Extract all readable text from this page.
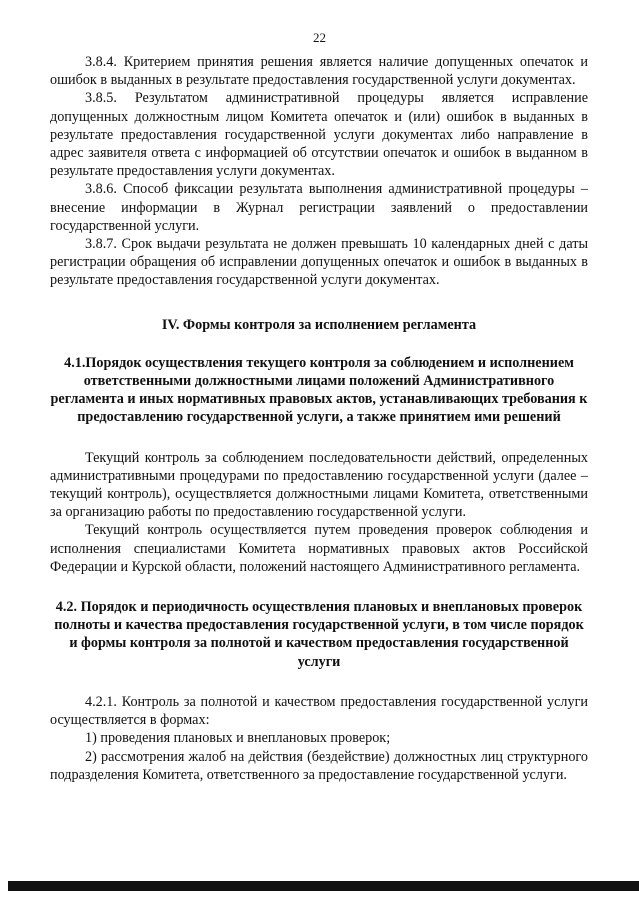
22

3.8.4. Критерием принятия решения является наличие допущенных опечаток и ошибок в выданных в результате предоставления государственной услуги документах.

3.8.5. Результатом административной процедуры является исправление допущенных должностным лицом Комитета опечаток и (или) ошибок в выданных в результате предоставления государственной услуги документах либо направление в адрес заявителя ответа с информацией об отсутствии опечаток и ошибок в выданном в результате предоставления услуги документах.

3.8.6. Способ фиксации результата выполнения административной процедуры – внесение информации в Журнал регистрации заявлений о предоставлении государственной услуги.

3.8.7. Срок выдачи результата не должен превышать 10 календарных дней с даты регистрации обращения об исправлении допущенных опечаток и ошибок в выданных в результате предоставления государственной услуги документах.

IV. Формы контроля за исполнением регламента

4.1.Порядок осуществления текущего контроля за соблюдением и исполнением ответственными должностными лицами положений Административного регламента и иных нормативных правовых актов, устанавливающих требования к предоставлению государственной услуги, а также принятием ими решений

Текущий контроль за соблюдением последовательности действий, определенных административными процедурами по предоставлению государственной услуги (далее – текущий контроль), осуществляется должностными лицами Комитета, ответственными за организацию работы по предоставлению государственной услуги.

Текущий контроль осуществляется путем проведения проверок соблюдения и исполнения специалистами Комитета нормативных правовых актов Российской Федерации и Курской области, положений настоящего Административного регламента.

4.2. Порядок и периодичность осуществления плановых и внеплановых проверок полноты и качества предоставления государственной услуги, в том числе порядок и формы контроля за полнотой и качеством предоставления государственной услуги

4.2.1. Контроль за полнотой и качеством предоставления государственной услуги осуществляется в формах:

1) проведения плановых и внеплановых проверок;

2) рассмотрения жалоб на действия (бездействие) должностных лиц структурного подразделения Комитета, ответственного за предоставление государственной услуги.
